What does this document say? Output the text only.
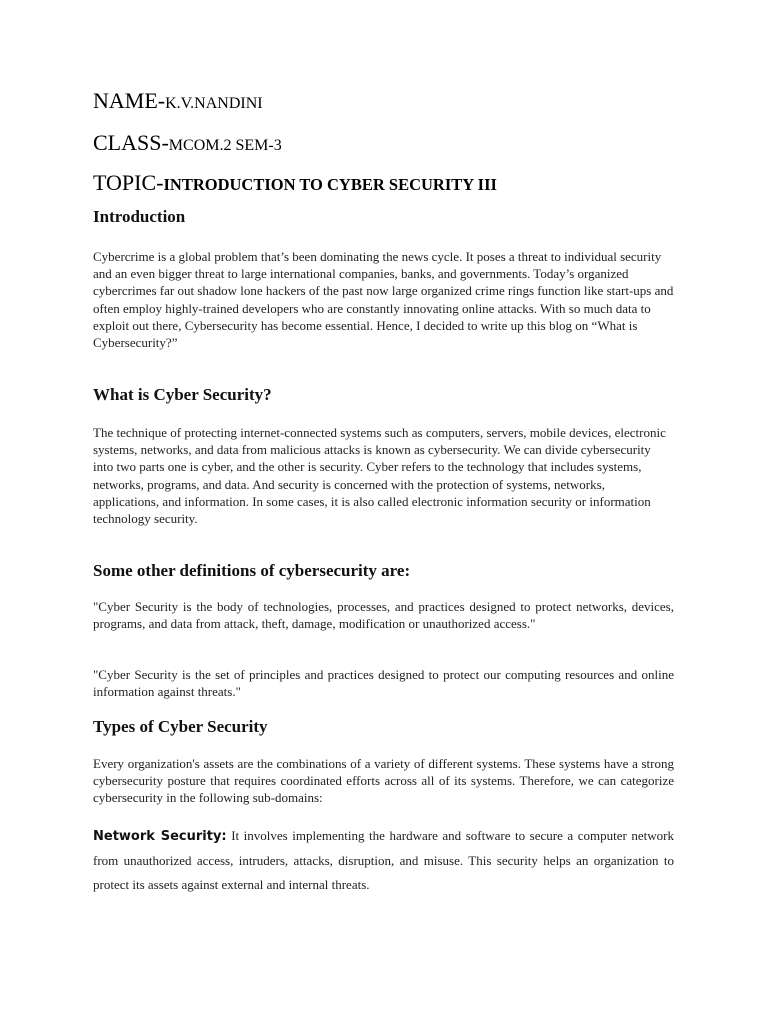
NAME-K.V.NANDINI
CLASS-MCOM.2 SEM-3
TOPIC-INTRODUCTION TO CYBER SECURITY III
Introduction

Cybercrime is a global problem that’s been dominating the news cycle. It poses a threat to individual security and an even bigger threat to large international companies, banks, and governments. Today’s organized cybercrimes far out shadow lone hackers of the past now large organized crime rings function like start-ups and often employ highly-trained developers who are constantly innovating online attacks. With so much data to exploit out there, Cybersecurity has become essential. Hence, I decided to write up this blog on “What is Cybersecurity?”

What is Cyber Security?

The technique of protecting internet-connected systems such as computers, servers, mobile devices, electronic systems, networks, and data from malicious attacks is known as cybersecurity. We can divide cybersecurity into two parts one is cyber, and the other is security. Cyber refers to the technology that includes systems, networks, programs, and data. And security is concerned with the protection of systems, networks, applications, and information. In some cases, it is also called electronic information security or information technology security.

Some other definitions of cybersecurity are:

"Cyber Security is the body of technologies, processes, and practices designed to protect networks, devices, programs, and data from attack, theft, damage, modification or unauthorized access."

"Cyber Security is the set of principles and practices designed to protect our computing resources and online information against threats."

Types of Cyber Security

Every organization's assets are the combinations of a variety of different systems. These systems have a strong cybersecurity posture that requires coordinated efforts across all of its systems. Therefore, we can categorize cybersecurity in the following sub-domains:

Network Security: It involves implementing the hardware and software to secure a computer network from unauthorized access, intruders, attacks, disruption, and misuse. This security helps an organization to protect its assets against external and internal threats.
